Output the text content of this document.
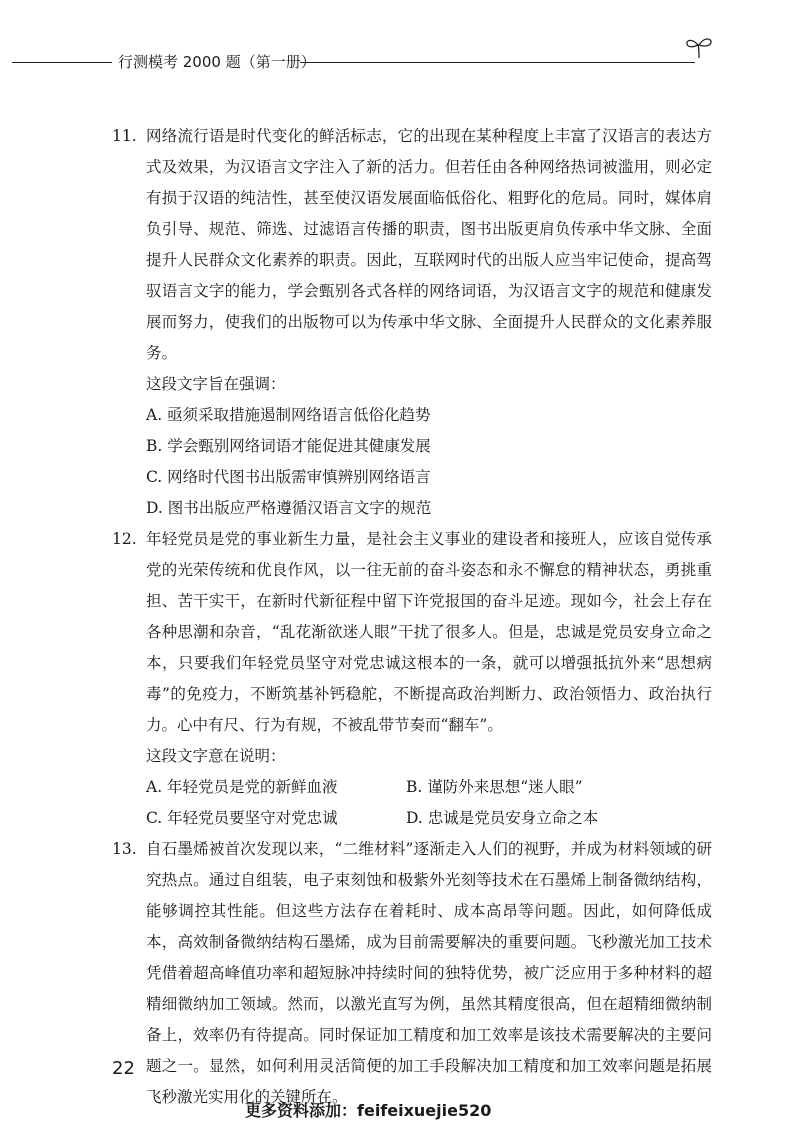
行测模考 2000 题（第一册）
11. 网络流行语是时代变化的鲜活标志，它的出现在某种程度上丰富了汉语言的表达方式及效果，为汉语言文字注入了新的活力。但若任由各种网络热词被滥用，则必定有损于汉语的纯洁性，甚至使汉语发展面临低俗化、粗野化的危局。同时，媒体肩负引导、规范、筛选、过滤语言传播的职责，图书出版更肩负传承中华文脉、全面提升人民群众文化素养的职责。因此，互联网时代的出版人应当牢记使命，提高驾驭语言文字的能力，学会甄别各式各样的网络词语，为汉语言文字的规范和健康发展而努力，使我们的出版物可以为传承中华文脉、全面提升人民群众的文化素养服务。

这段文字旨在强调：

A. 亟须采取措施遏制网络语言低俗化趋势

B. 学会甄别网络词语才能促进其健康发展

C. 网络时代图书出版需审慎辨别网络语言

D. 图书出版应严格遵循汉语言文字的规范

12. 年轻党员是党的事业新生力量，是社会主义事业的建设者和接班人，应该自觉传承党的光荣传统和优良作风，以一往无前的奋斗姿态和永不懈怠的精神状态，勇挑重担、苦干实干，在新时代新征程中留下许党报国的奋斗足迹。现如今，社会上存在各种思潮和杂音，“乱花渐欲迷人眼”干扰了很多人。但是，忠诚是党员安身立命之本，只要我们年轻党员坚守对党忠诚这根本的一条，就可以增强抵抗外来“思想病毒”的免疫力，不断筑基补钙稳舵，不断提高政治判断力、政治领悟力、政治执行力。心中有尺、行为有规，不被乱带节奏而“翻车”。

这段文字意在说明：

A. 年轻党员是党的新鲜血液	B. 谨防外来思想“迷人眼”

C. 年轻党员要坚守对党忠诚	D. 忠诚是党员安身立命之本

13. 自石墨烯被首次发现以来，“二维材料”逐渐走入人们的视野，并成为材料领域的研究热点。通过自组装，电子束刻蚀和极紫外光刻等技术在石墨烯上制备微纳结构，能够调控其性能。但这些方法存在着耗时、成本高昂等问题。因此，如何降低成本，高效制备微纳结构石墨烯，成为目前需要解决的重要问题。飞秒激光加工技术凭借着超高峰值功率和超短脉冲持续时间的独特优势，被广泛应用于多种材料的超精细微纳加工领域。然而，以激光直写为例，虽然其精度很高，但在超精细微纳制备上，效率仍有待提高。同时保证加工精度和加工效率是该技术需要解决的主要问题之一。显然，如何利用灵活简便的加工手段解决加工精度和加工效率问题是拓展飞秒激光实用化的关键所在。

22
更多资料添加：feifeixuejie520
